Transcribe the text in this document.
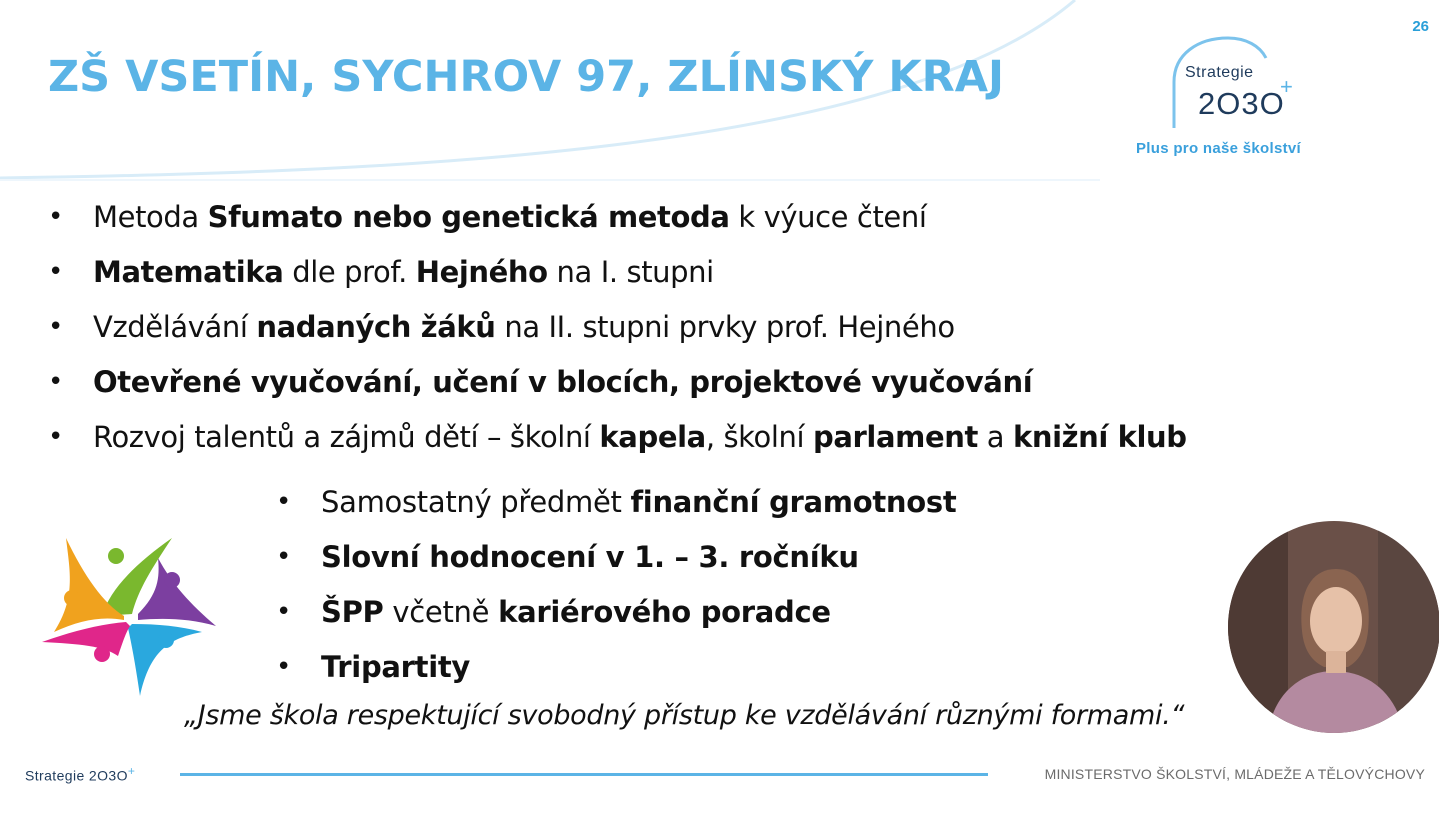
26
ZŠ VSETÍN, SYCHROV 97, ZLÍNSKÝ KRAJ	Strategie
2O3O
+
Plus pro naše školství
• Metoda Sfumato nebo genetická metoda k výuce čtení
• Matematika dle prof. Hejného na I. stupni
• Vzdělávání nadaných žáků na II. stupni prvky prof. Hejného
• Otevřené vyučování, učení v blocích, projektové vyučování
• Rozvoj talentů a zájmů dětí – školní kapela, školní parlament a knižní klub
• Samostatný předmět finanční gramotnost
• Slovní hodnocení v 1. – 3. ročníku
• ŠPP včetně kariérového poradce
• Tripartity
„Jsme škola respektující svobodný přístup ke vzdělávání různými formami.“
Strategie 2O3O+	MINISTERSTVO ŠKOLSTVÍ, MLÁDEŽE A TĚLOVÝCHOVY
